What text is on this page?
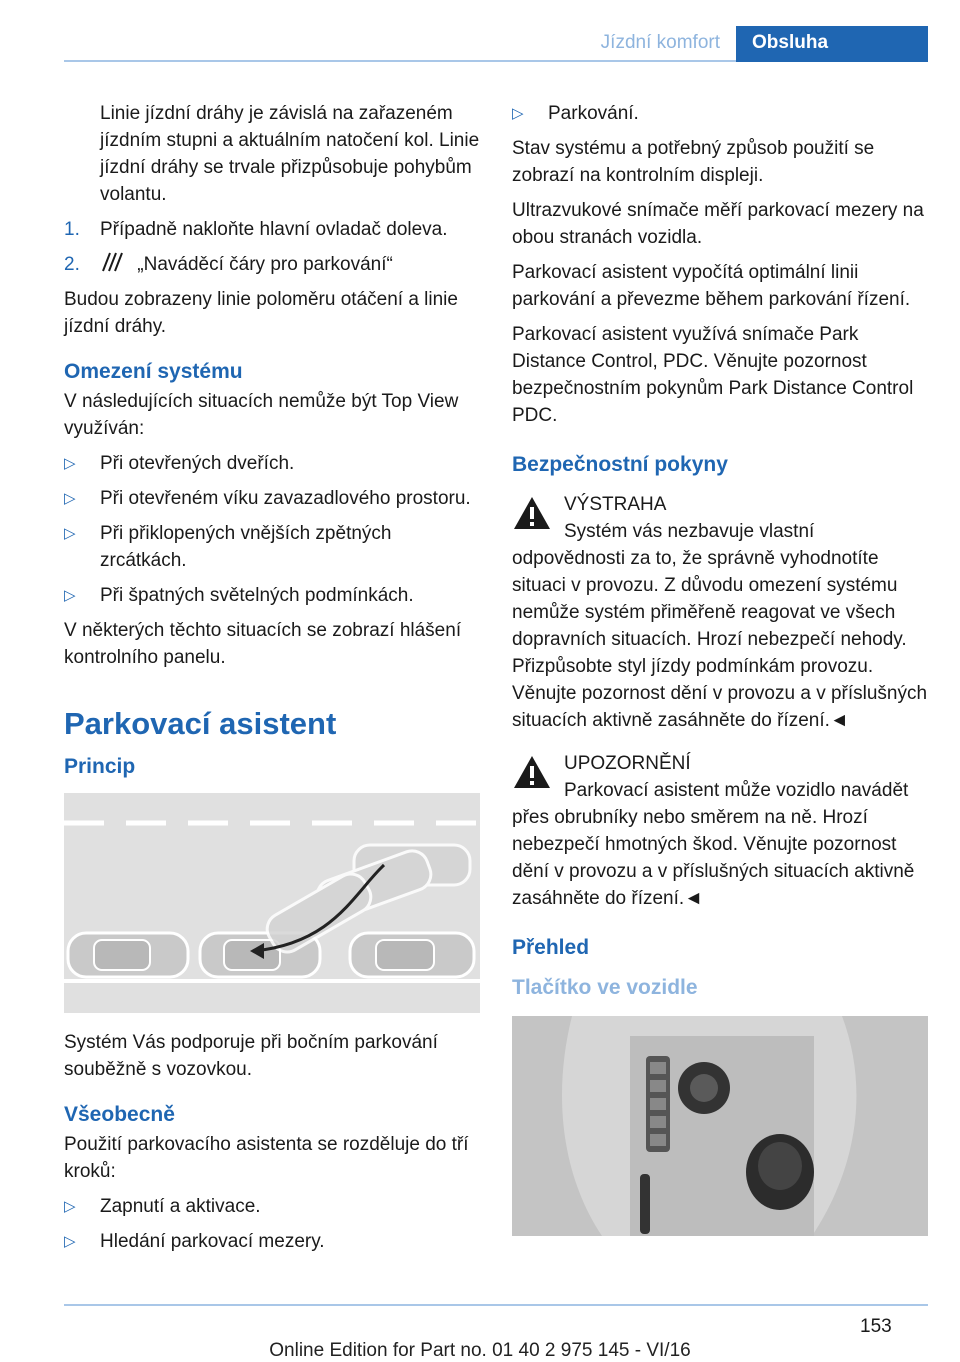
Jízdní komfort	Obsluha

Linie jízdní dráhy je závislá na zařazeném jízdním stupni a aktuálním natočení kol. Linie jízdní dráhy se trvale přizpůsobuje pohybům volantu.

1. Případně nakloňte hlavní ovladač doleva.
2.	„Naváděcí čáry pro parkování“

Budou zobrazeny linie poloměru otáčení a linie jízdní dráhy.

Omezení systému

V následujících situacích nemůže být Top View využíván:

▷ Při otevřených dveřích.
▷ Při otevřeném víku zavazadlového prostoru.
▷ Při přiklopených vnějších zpětných zrcátkách.
▷ Při špatných světelných podmínkách.

V některých těchto situacích se zobrazí hlášení kontrolního panelu.

Parkovací asistent
Princip

Systém Vás podporuje při bočním parkování souběžně s vozovkou.

Všeobecně

Použití parkovacího asistenta se rozděluje do tří kroků:

▷ Zapnutí a aktivace.
▷ Hledání parkovací mezery.
▷ Parkování.

Stav systému a potřebný způsob použití se zobrazí na kontrolním displeji.

Ultrazvukové snímače měří parkovací mezery na obou stranách vozidla.

Parkovací asistent vypočítá optimální linii parkování a převezme během parkování řízení.

Parkovací asistent využívá snímače Park Distance Control, PDC. Věnujte pozornost bezpečnostním pokynům Park Distance Control PDC.

Bezpečnostní pokyny
VÝSTRAHA
Systém vás nezbavuje vlastní odpovědnosti za to, že správně vyhodnotíte situaci v provozu. Z důvodu omezení systému nemůže systém přiměřeně reagovat ve všech dopravních situacích. Hrozí nebezpečí nehody. Přizpůsobte styl jízdy podmínkám provozu. Věnujte pozornost dění v provozu a v příslušných situacích aktivně zasáhněte do řízení.◄
UPOZORNĚNÍ
Parkovací asistent může vozidlo navádět přes obrubníky nebo směrem na ně. Hrozí nebezpečí hmotných škod. Věnujte pozornost dění v provozu a v příslušných situacích aktivně zasáhněte do řízení.◄
Přehled
Tlačítko ve vozidle
153
Online Edition for Part no. 01 40 2 975 145 - VI/16
